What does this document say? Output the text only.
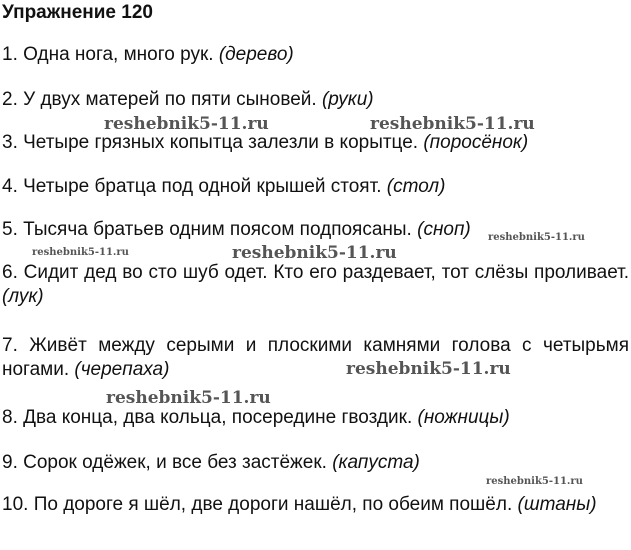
Упражнение 120
1. Одна нога, много рук. (дерево)
2. У двух матерей по пяти сыновей. (руки)
3. Четыре грязных копытца залезли в корытце. (поросёнок)
4. Четыре братца под одной крышей стоят. (стол)
5. Тысяча братьев одним поясом подпоясаны. (сноп)
6. Сидит дед во сто шуб одет. Кто его раздевает, тот слёзы проливает. (лук)
7. Живёт между серыми и плоскими камнями голова с четырьмя ногами. (черепаха)
8. Два конца, два кольца, посередине гвоздик. (ножницы)
9. Сорок одёжек, и все без застёжек. (капуста)
10. По дороге я шёл, две дороги нашёл, по обеим пошёл. (штаны)
reshebnik5-11.ru	reshebnik5-11.ru
reshebnik5-11.ru
reshebnik5-11.ru	reshebnik5-11.ru
reshebnik5-11.ru
reshebnik5-11.ru
reshebnik5-11.ru
